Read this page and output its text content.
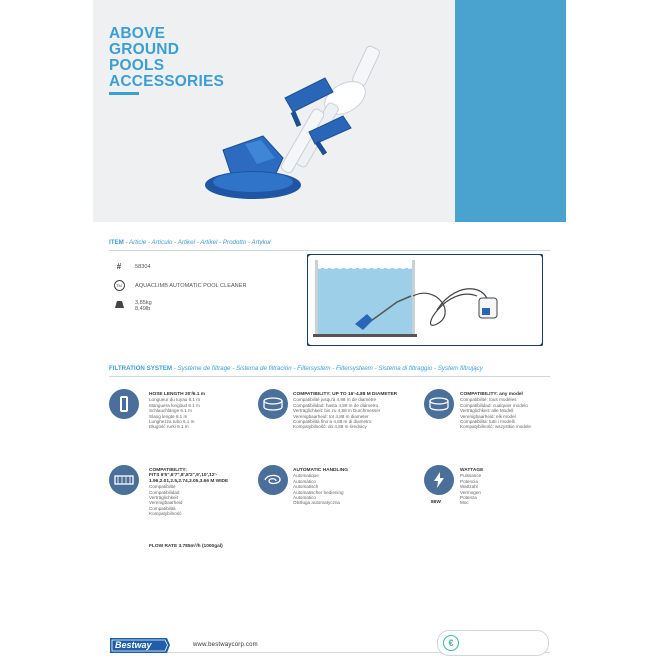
ABOVE
GROUND
POOLS
ACCESSORIES
ITEM - Article - Artículo - Artikel - Artikel - Prodotto - Artykuł
#	58304
TM	AQUACLIMB AUTOMATIC POOL CLEANER
3,85kg
8,49lb
FILTRATION SYSTEM - Système de filtrage - Sistema de filtración - Filtersystem - Filtersysteem - Sistema di filtraggio - System filtrujący
HOSE LENGTH 20'/6.1 m
Longueur du tuyau 6.1 m
Manguera longitud 6.1 m
Schlauchlänge 6.1 m
Slang lengte 6.1 m
Lunghezza tubo 6.1 m
Długość rurki 6.1 m
COMPATIBILITY: UP TO 16'-4.88 M DIAMETER
Compatibilité jusqu'à 4,88 m de diamètre
Compatibilidad: hasta 4,88 m de diámetro
Verträglichkeit: bis zu 4,88 m Durchmesser
Verenigbaarheid: tot 4,88 m diameter
Compatibilità fino a 4,88 m di diametro
Kompatybilność: do 4,88 m średnicy
COMPATIBILITY: any model
Compatibilité: tous modèles
Compatibilidad: cualquier modelo
Verträglichkeit: alle Modell
Verenigbaarheid: elk model
Compatibilità: tutti i modelli
Kompatybilność: wszystkie modele
COMPATIBILITY:
FITS 6'5",6'7",8',8'2",9',10',12'-
1.96,2.01,2.5,2.74,3.05,3.66 M WIDE
Compatibilité
Compatibilidad
Verträglichkeit
Verenigbaarheid
Compatibilità
Kompatybilność
AUTOMATIC HANDLING
Automatique
Automático
Automatisch
Automatischer bediening
Automatico
Obsługa automatyczna	86W
WATTAGE
Puissance
Potencia
Wattzahl
Vermogen
Potenza
Moc
FLOW RATE 3.785m³/h (1000gal)
Bestway	www.bestwaycorp.com	€
